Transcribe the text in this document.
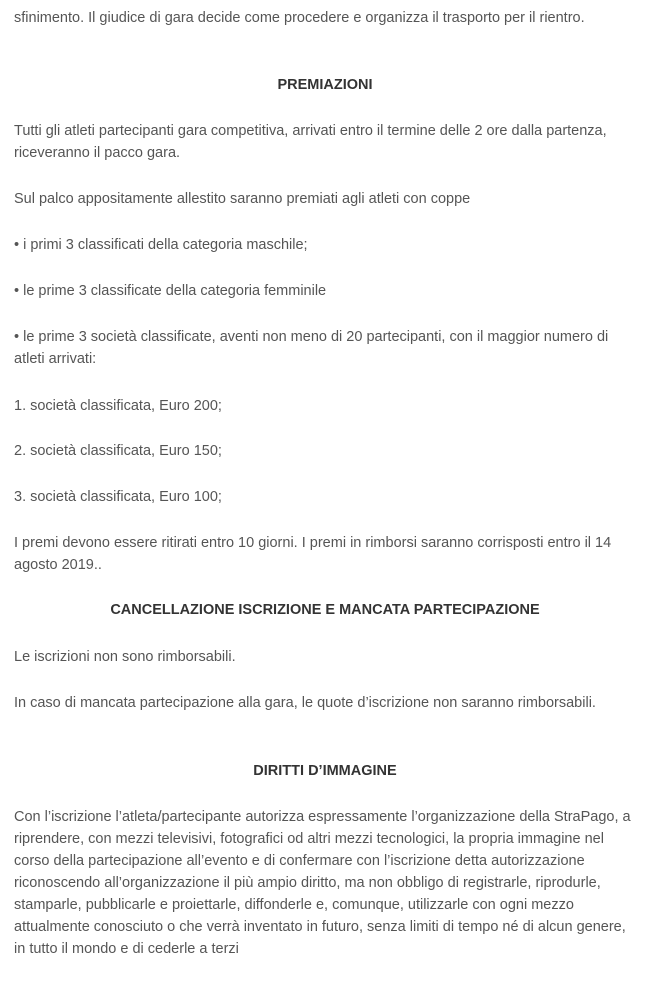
sfinimento. Il giudice di gara decide come procedere e organizza il trasporto per il rientro.

PREMIAZIONI

Tutti gli atleti partecipanti gara competitiva, arrivati entro il termine delle 2 ore dalla partenza, riceveranno il pacco gara.

Sul palco appositamente allestito saranno premiati agli atleti con coppe

• i primi 3 classificati della categoria maschile;

• le prime 3 classificate della categoria femminile

• le prime 3 società classificate, aventi non meno di 20 partecipanti, con il maggior numero di atleti arrivati:

1. società classificata, Euro 200;

2. società classificata, Euro 150;

3. società classificata, Euro 100;

I premi devono essere ritirati entro 10 giorni. I premi in rimborsi saranno corrisposti entro il 14 agosto 2019..

CANCELLAZIONE ISCRIZIONE E MANCATA PARTECIPAZIONE

Le iscrizioni non sono rimborsabili.

In caso di mancata partecipazione alla gara, le quote d’iscrizione non saranno rimborsabili.

DIRITTI D’IMMAGINE

Con l’iscrizione l’atleta/partecipante autorizza espressamente l’organizzazione della StraPago, a riprendere, con mezzi televisivi, fotografici od altri mezzi tecnologici, la propria immagine nel corso della partecipazione all’evento e di confermare con l’iscrizione detta autorizzazione riconoscendo all’organizzazione il più ampio diritto, ma non obbligo di registrarle, riprodurle, stamparle, pubblicarle e proiettarle, diffonderle e, comunque, utilizzarle con ogni mezzo attualmente conosciuto o che verrà inventato in futuro, senza limiti di tempo né di alcun genere, in tutto il mondo e di cederle a terzi
